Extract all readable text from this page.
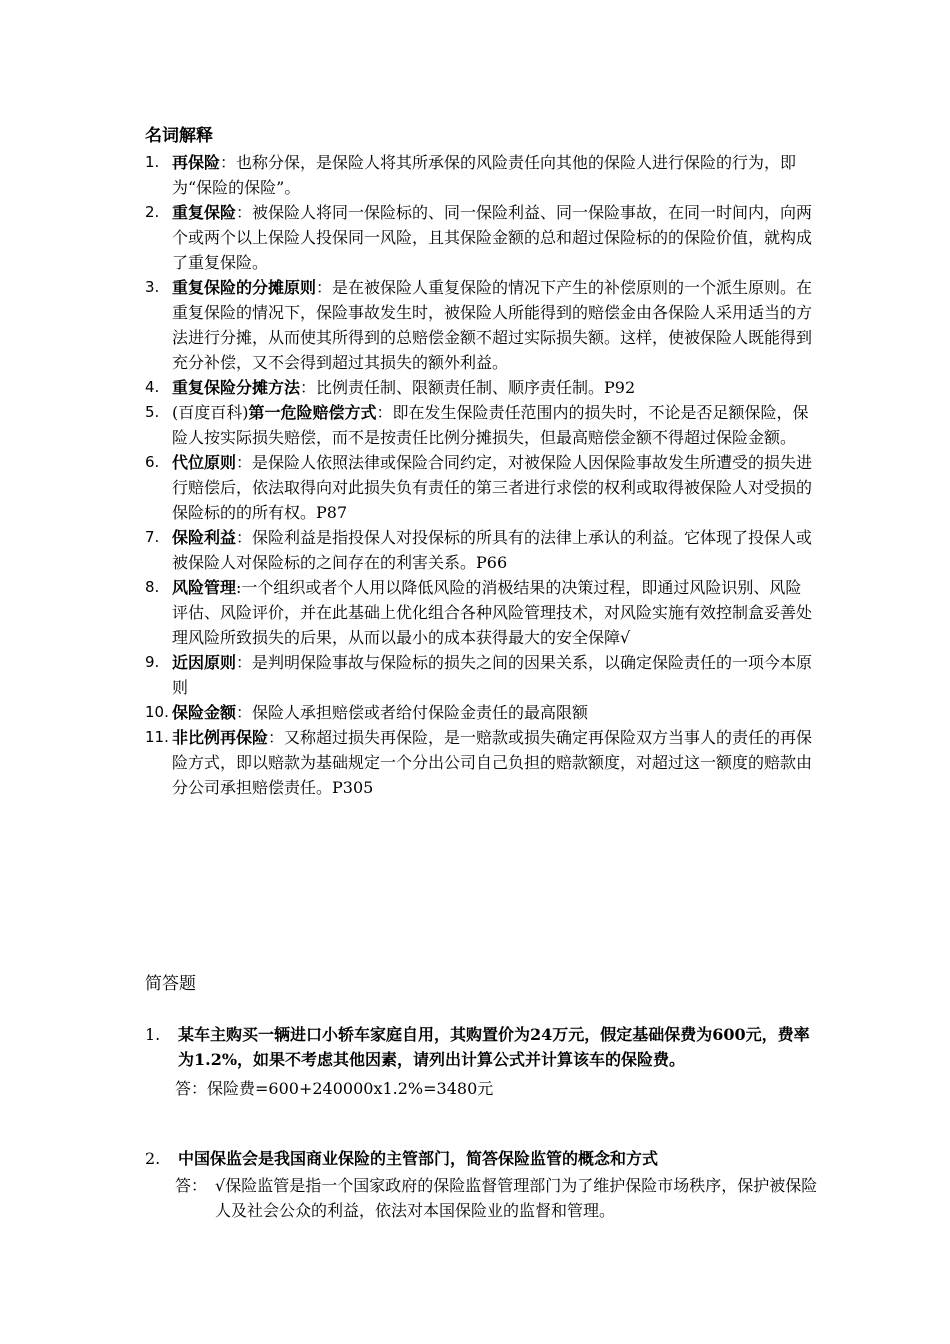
名词解释
1. 再保险：也称分保，是保险人将其所承保的风险责任向其他的保险人进行保险的行为，即为“保险的保险”。
2. 重复保险：被保险人将同一保险标的、同一保险利益、同一保险事故，在同一时间内，向两个或两个以上保险人投保同一风险，且其保险金额的总和超过保险标的的保险价值，就构成了重复保险。
3. 重复保险的分摊原则：是在被保险人重复保险的情况下产生的补偿原则的一个派生原则。在重复保险的情况下，保险事故发生时，被保险人所能得到的赔偿金由各保险人采用适当的方法进行分摊，从而使其所得到的总赔偿金额不超过实际损失额。这样，使被保险人既能得到充分补偿，又不会得到超过其损失的额外利益。
4. 重复保险分摊方法：比例责任制、限额责任制、顺序责任制。P92
5. (百度百科)第一危险赔偿方式：即在发生保险责任范围内的损失时，不论是否足额保险，保险人按实际损失赔偿，而不是按责任比例分摊损失，但最高赔偿金额不得超过保险金额。
6. 代位原则：是保险人依照法律或保险合同约定，对被保险人因保险事故发生所遭受的损失进行赔偿后，依法取得向对此损失负有责任的第三者进行求偿的权利或取得被保险人对受损的保险标的的所有权。P87
7. 保险利益：保险利益是指投保人对投保标的所具有的法律上承认的利益。它体现了投保人或被保险人对保险标的之间存在的利害关系。P66
8. 风险管理:一个组织或者个人用以降低风险的消极结果的决策过程，即通过风险识别、风险评估、风险评价，并在此基础上优化组合各种风险管理技术，对风险实施有效控制盒妥善处理风险所致损失的后果，从而以最小的成本获得最大的安全保障√
9. 近因原则：是判明保险事故与保险标的损失之间的因果关系，以确定保险责任的一项今本原则
10. 保险金额：保险人承担赔偿或者给付保险金责任的最高限额
11. 非比例再保险：又称超过损失再保险，是一赔款或损失确定再保险双方当事人的责任的再保险方式，即以赔款为基础规定一个分出公司自己负担的赔款额度，对超过这一额度的赔款由分公司承担赔偿责任。P305
简答题
1.	某车主购买一辆进口小轿车家庭自用，其购置价为24万元，假定基础保费为600元，费率为1.2%，如果不考虑其他因素，请列出计算公式并计算该车的保险费。
答：保险费=600+240000x1.2%=3480元
2.	中国保监会是我国商业保险的主管部门，简答保险监管的概念和方式
答： √保险监管是指一个国家政府的保险监督管理部门为了维护保险市场秩序，保护被保险人及社会公众的利益，依法对本国保险业的监督和管理。
